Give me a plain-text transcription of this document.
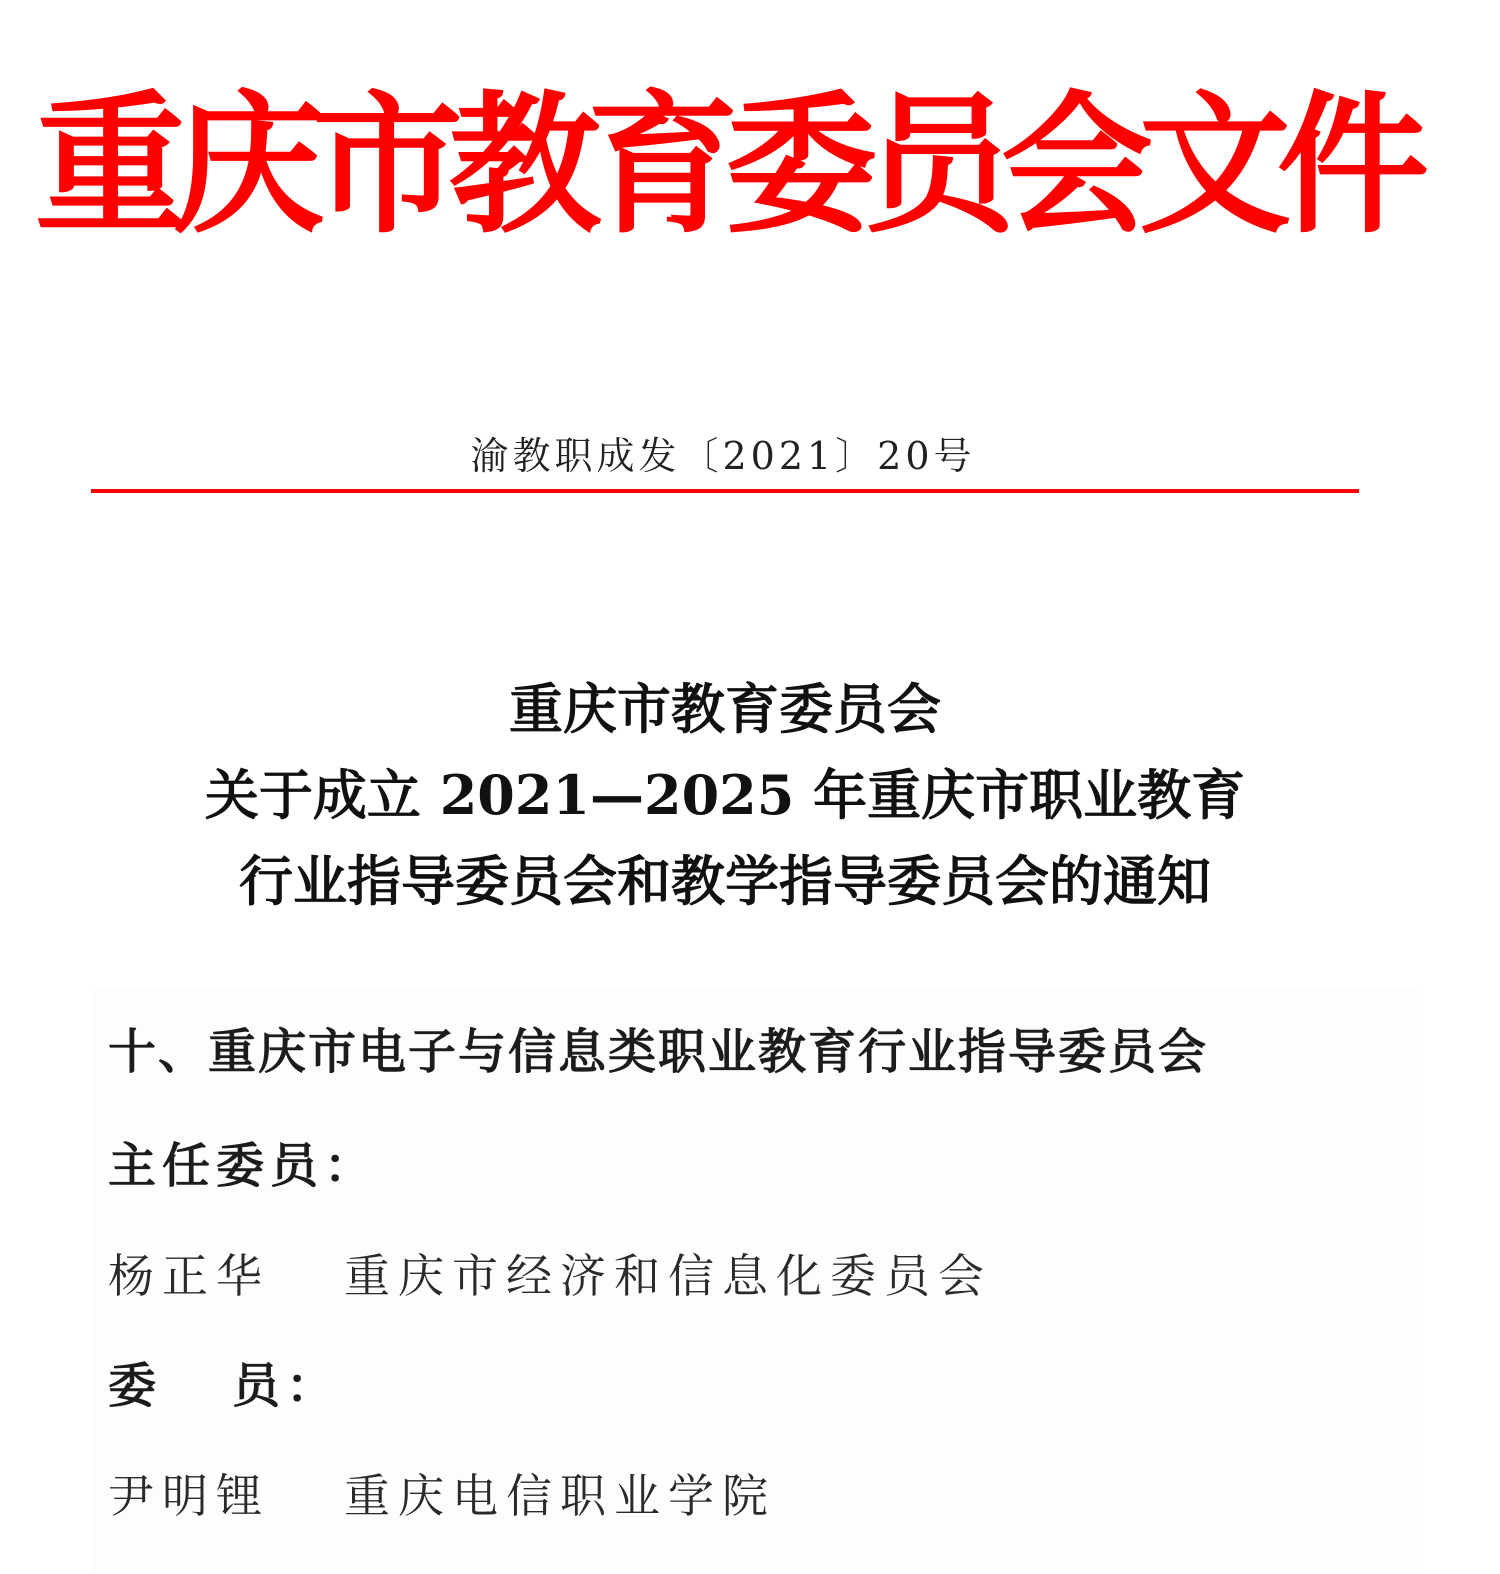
重庆市教育委员会文件
渝教职成发〔2021〕20号
重庆市教育委员会
关于成立 2021—2025 年重庆市职业教育
行业指导委员会和教学指导委员会的通知
十、重庆市电子与信息类职业教育行业指导委员会
主任委员：
杨正华 重庆市经济和信息化委员会
委 员：
尹明锂 重庆电信职业学院
